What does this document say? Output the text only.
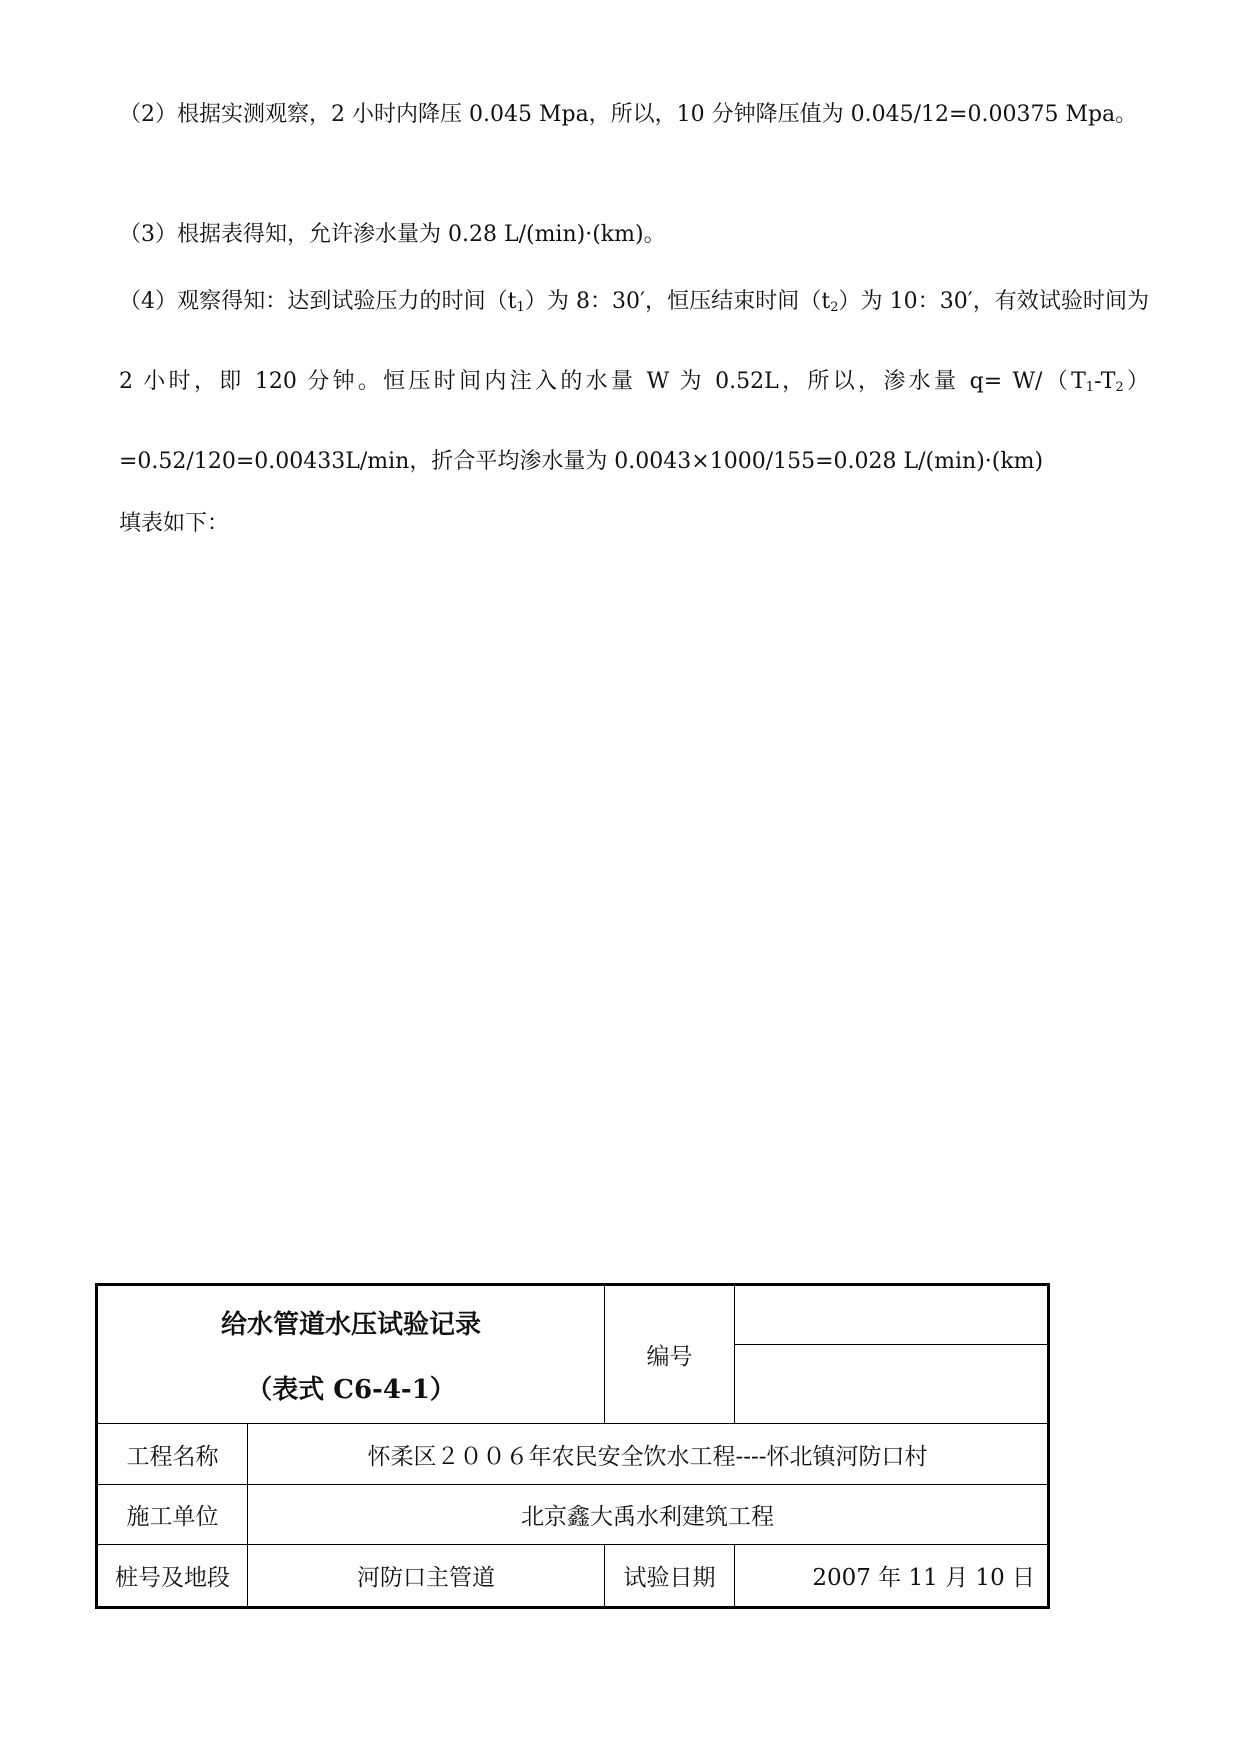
（2）根据实测观察，2 小时内降压 0.045 Mpa，所以，10 分钟降压值为 0.045/12=0.00375 Mpa。

（3）根据表得知，允许渗水量为 0.28 L/(min)·(km)。

（4）观察得知：达到试验压力的时间$(t_1)$为 8：30′，恒压结束时间$(t_2)$为 10：30′，有效试验时间为 2 小时，即 120 分钟。恒压时间内注入的水量 W 为 0.52L，所以，渗水量 $q= W/(T_1-T_2)=0.52/120=0.00433L/\min$，折合平均渗水量为 0.0043×1000/155=0.028 L/(min)·(km)

填表如下：

给水管道水压试验记录
（表式 C6-4-1）		编号	

工程名称	怀柔区２００６年农民安全饮水工程----怀北镇河防口村		
施工单位	北京鑫大禹水利建筑工程		
桩号及地段	河防口主管道	试验日期	2007 年 11 月 10 日
